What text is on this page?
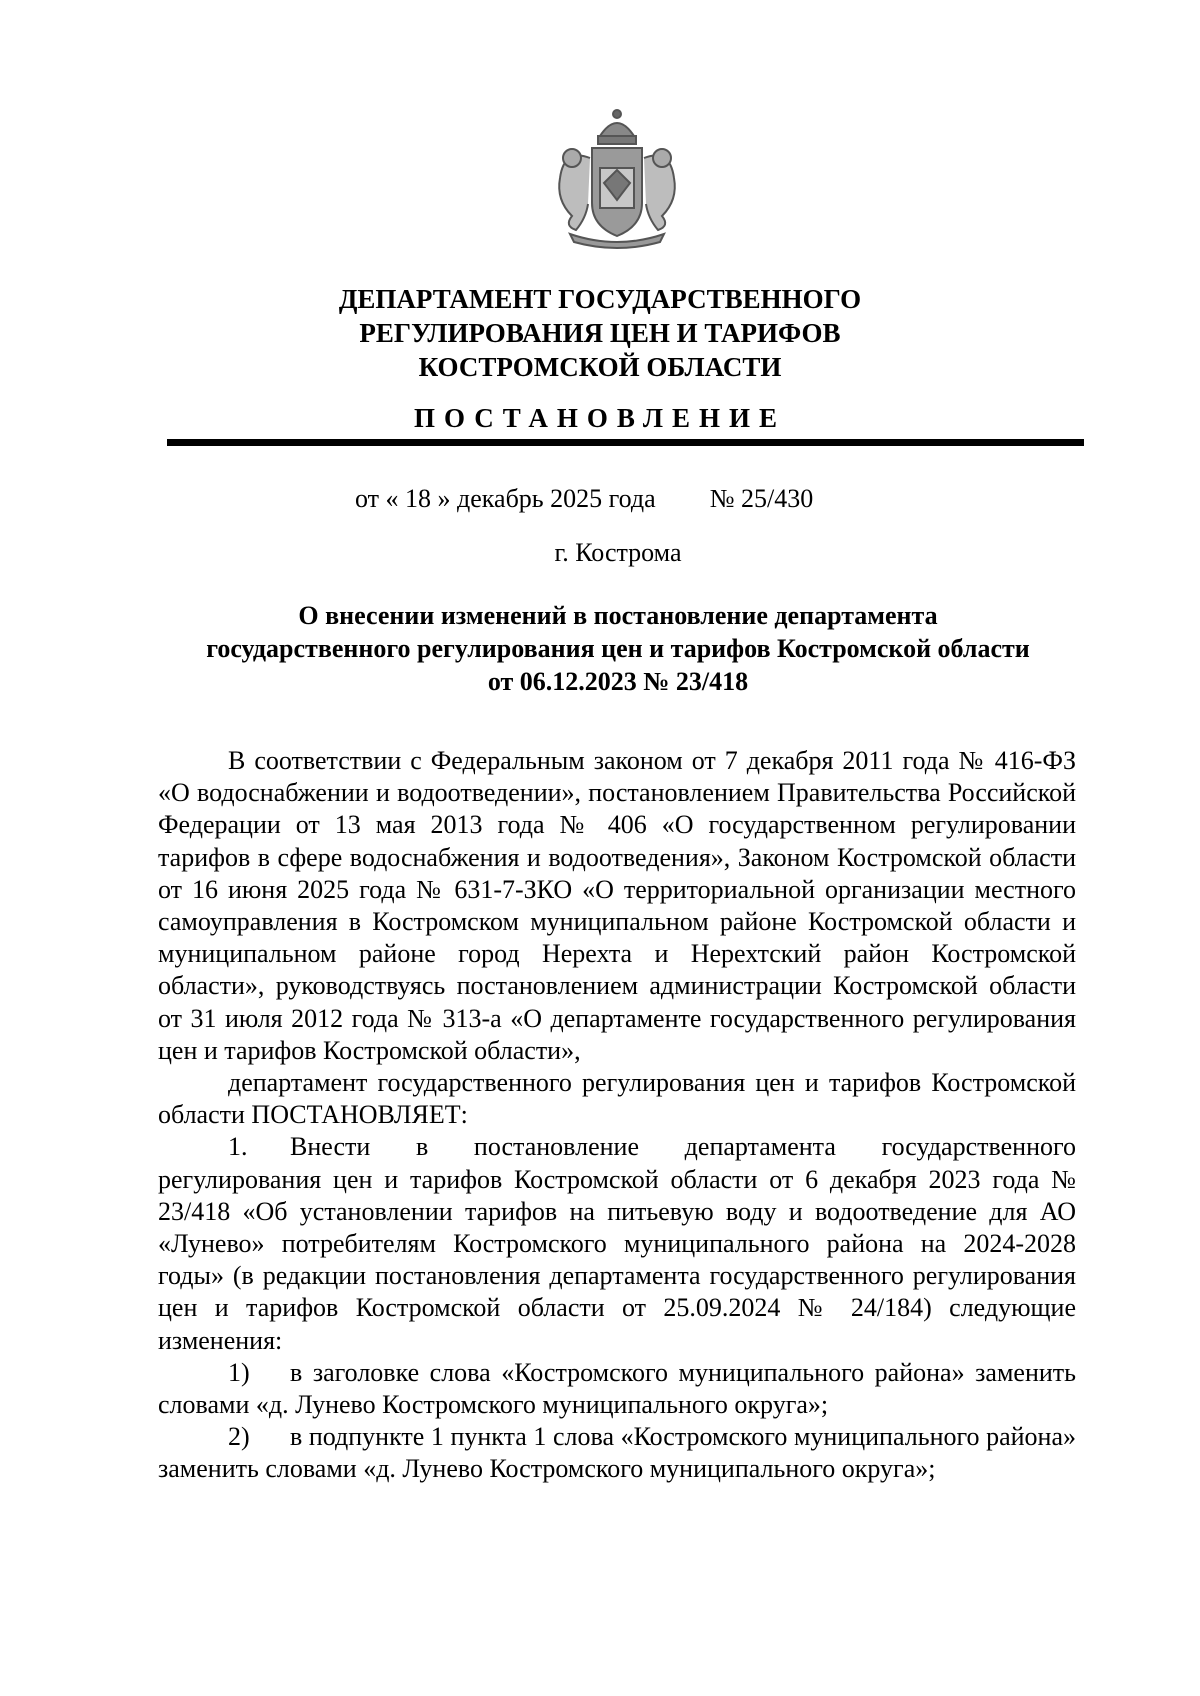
ДЕПАРТАМЕНТ ГОСУДАРСТВЕННОГО
РЕГУЛИРОВАНИЯ ЦЕН И ТАРИФОВ
КОСТРОМСКОЙ ОБЛАСТИ
ПОСТАНОВЛЕНИЕ
от « 18 » декабрь 2025 года № 25/430
г. Кострома
О внесении изменений в постановление департамента
государственного регулирования цен и тарифов Костромской области
от 06.12.2023 № 23/418

В соответствии с Федеральным законом от 7 декабря 2011 года № 416-ФЗ «О водоснабжении и водоотведении», постановлением Правительства Российской Федерации от 13 мая 2013 года № 406 «О государственном регулировании тарифов в сфере водоснабжения и водоотведения», Законом Костромской области от 16 июня 2025 года № 631-7-ЗКО «О территориальной организации местного самоуправления в Костромском муниципальном районе Костромской области и муниципальном районе город Нерехта и Нерехтский район Костромской области», руководствуясь постановлением администрации Костромской области от 31 июля 2012 года № 313-а «О департаменте государственного регулирования цен и тарифов Костромской области»,

департамент государственного регулирования цен и тарифов Костромской области ПОСТАНОВЛЯЕТ:

1. Внести в постановление департамента государственного регулирования цен и тарифов Костромской области от 6 декабря 2023 года № 23/418 «Об установлении тарифов на питьевую воду и водоотведение для АО «Лунево» потребителям Костромского муниципального района на 2024-2028 годы» (в редакции постановления департамента государственного регулирования цен и тарифов Костромской области от 25.09.2024 № 24/184) следующие изменения:

1) в заголовке слова «Костромского муниципального района» заменить словами «д. Лунево Костромского муниципального округа»;

2) в подпункте 1 пункта 1 слова «Костромского муниципального района» заменить словами «д. Лунево Костромского муниципального округа»;
